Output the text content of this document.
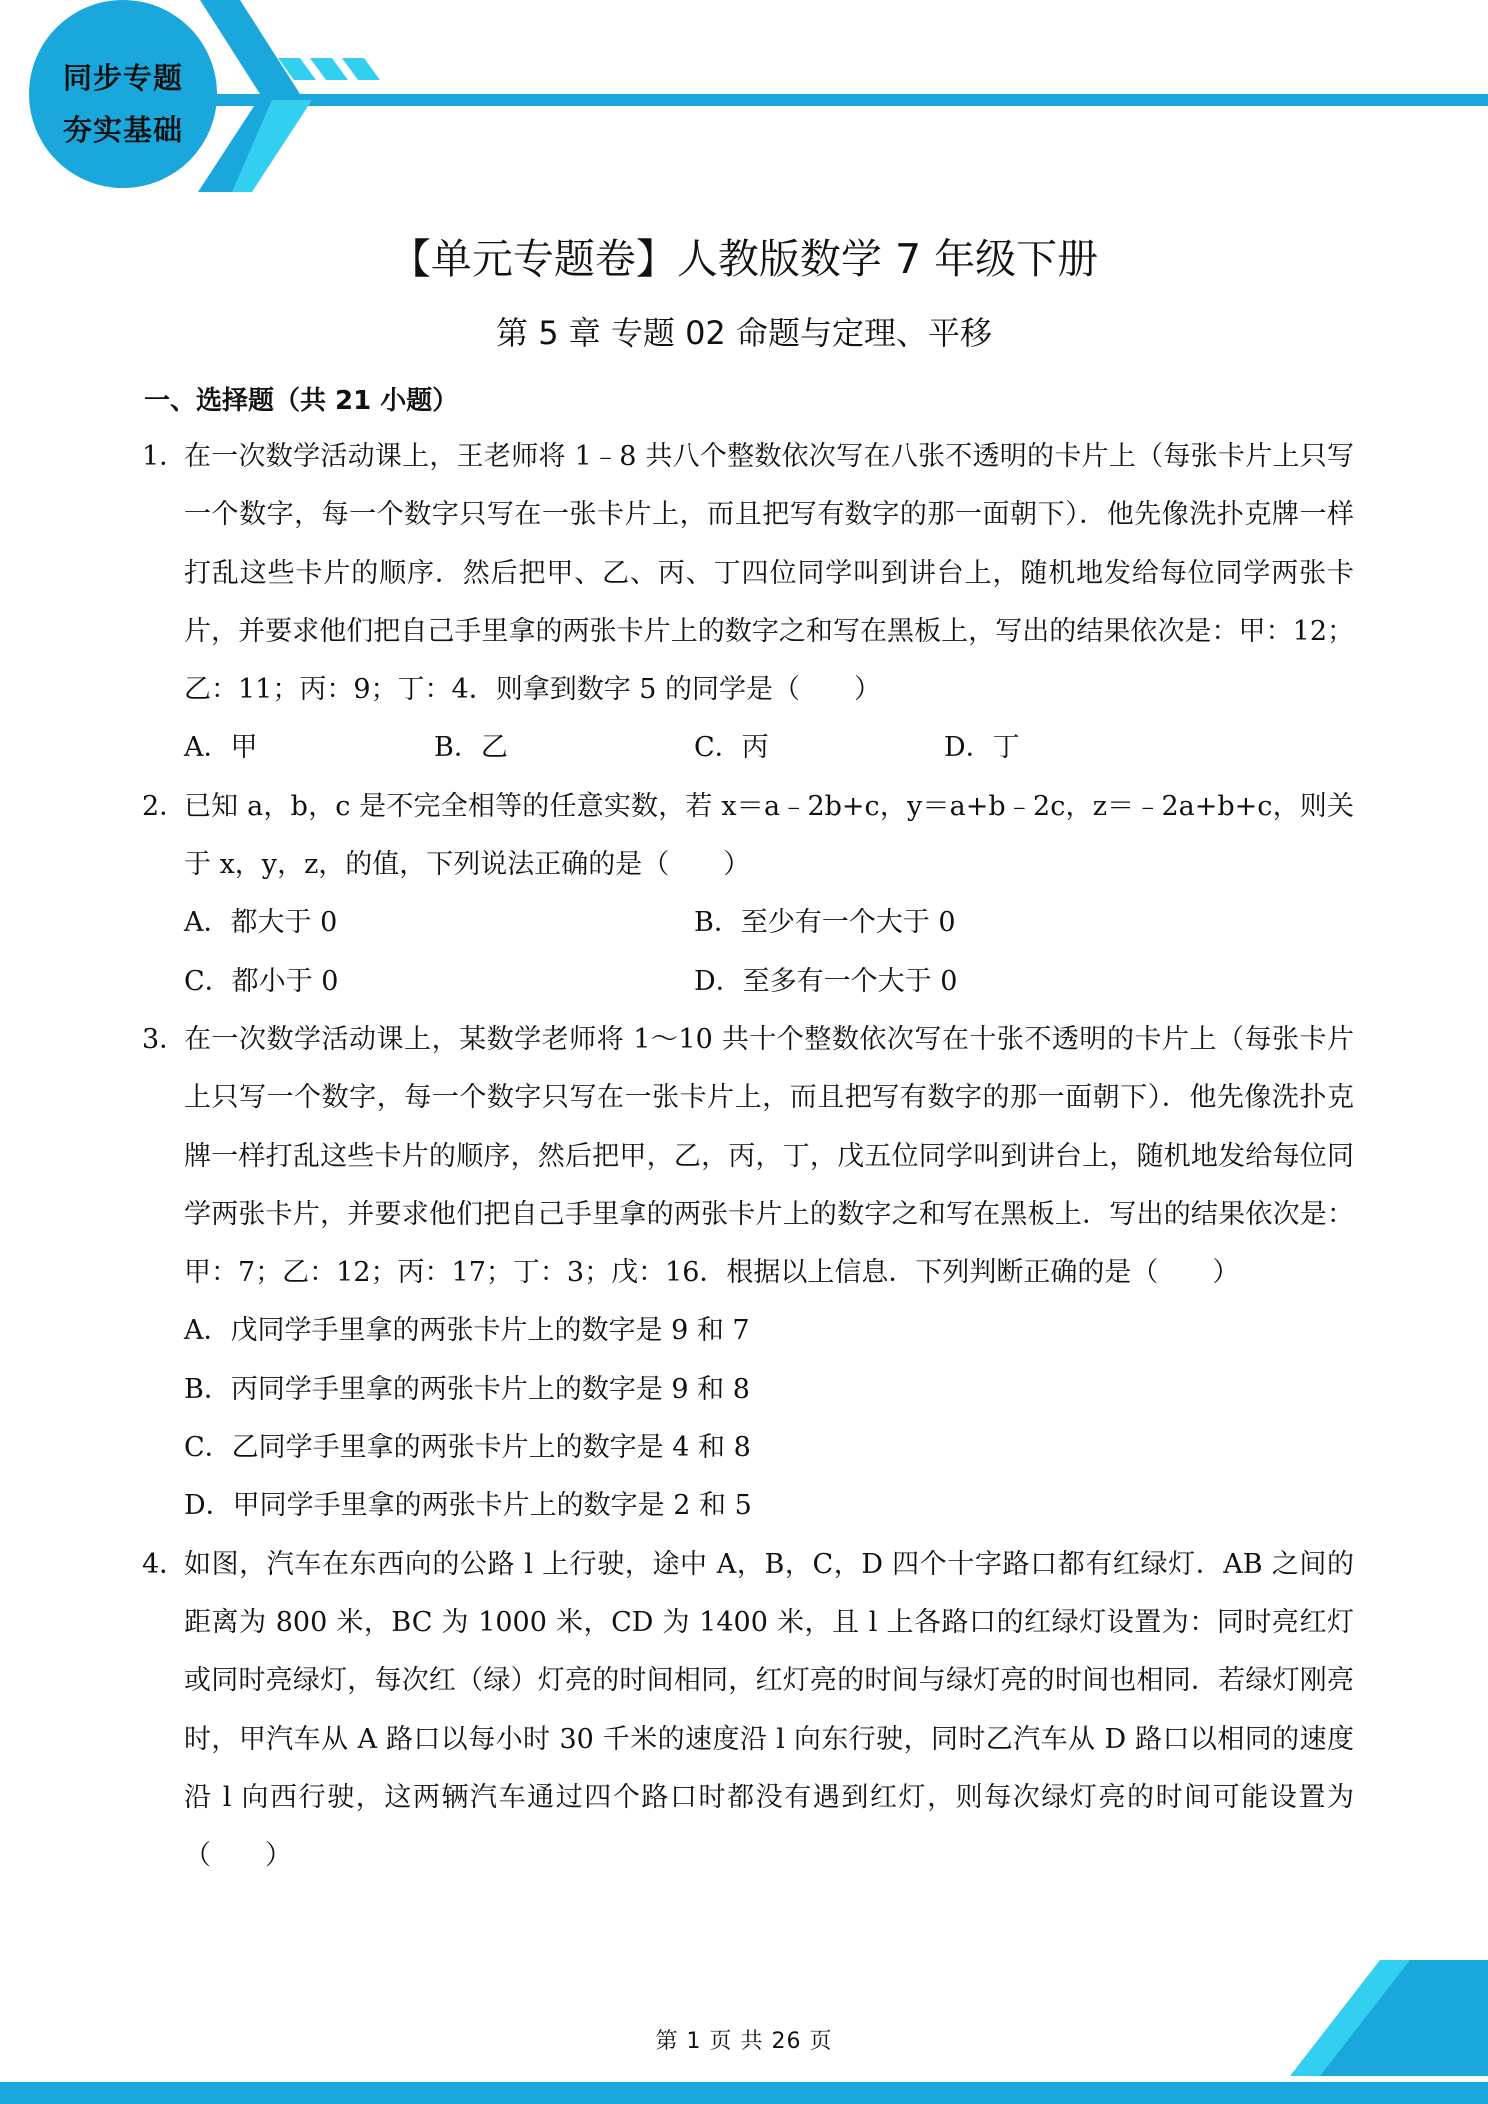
同步专题
夯实基础
【单元专题卷】人教版数学 7 年级下册
第 5 章 专题 02 命题与定理、平移
一、选择题（共 21 小题）
1．
在一次数学活动课上，王老师将 1﹣8 共八个整数依次写在八张不透明的卡片上（每张卡片上只写一个数字，每一个数字只写在一张卡片上，而且把写有数字的那一面朝下）．他先像洗扑克牌一样打乱这些卡片的顺序．然后把甲、乙、丙、丁四位同学叫到讲台上，随机地发给每位同学两张卡片，并要求他们把自己手里拿的两张卡片上的数字之和写在黑板上，写出的结果依次是：甲：12；乙：11；丙：9；丁：4．则拿到数字 5 的同学是（　　）
A．甲	B．乙	C．丙	D．丁
2．
已知 a，b，c 是不完全相等的任意实数，若 x＝a﹣2b+c，y＝a+b﹣2c，z＝﹣2a+b+c，则关于 x，y，z，的值，下列说法正确的是（　　）
A．都大于 0	B．至少有一个大于 0
C．都小于 0	D．至多有一个大于 0
3．
在一次数学活动课上，某数学老师将 1～10 共十个整数依次写在十张不透明的卡片上（每张卡片上只写一个数字，每一个数字只写在一张卡片上，而且把写有数字的那一面朝下）．他先像洗扑克牌一样打乱这些卡片的顺序，然后把甲，乙，丙，丁，戊五位同学叫到讲台上，随机地发给每位同学两张卡片，并要求他们把自己手里拿的两张卡片上的数字之和写在黑板上．写出的结果依次是：甲：7；乙：12；丙：17；丁：3；戊：16．根据以上信息．下列判断正确的是（　　）
A．戊同学手里拿的两张卡片上的数字是 9 和 7
B．丙同学手里拿的两张卡片上的数字是 9 和 8
C．乙同学手里拿的两张卡片上的数字是 4 和 8
D．甲同学手里拿的两张卡片上的数字是 2 和 5
4．
如图，汽车在东西向的公路 l 上行驶，途中 A，B，C，D 四个十字路口都有红绿灯．AB 之间的距离为 800 米，BC 为 1000 米，CD 为 1400 米，且 l 上各路口的红绿灯设置为：同时亮红灯或同时亮绿灯，每次红（绿）灯亮的时间相同，红灯亮的时间与绿灯亮的时间也相同．若绿灯刚亮时，甲汽车从 A 路口以每小时 30 千米的速度沿 l 向东行驶，同时乙汽车从 D 路口以相同的速度沿 l 向西行驶，这两辆汽车通过四个路口时都没有遇到红灯，则每次绿灯亮的时间可能设置为（　　）
第 1 页 共 26 页
